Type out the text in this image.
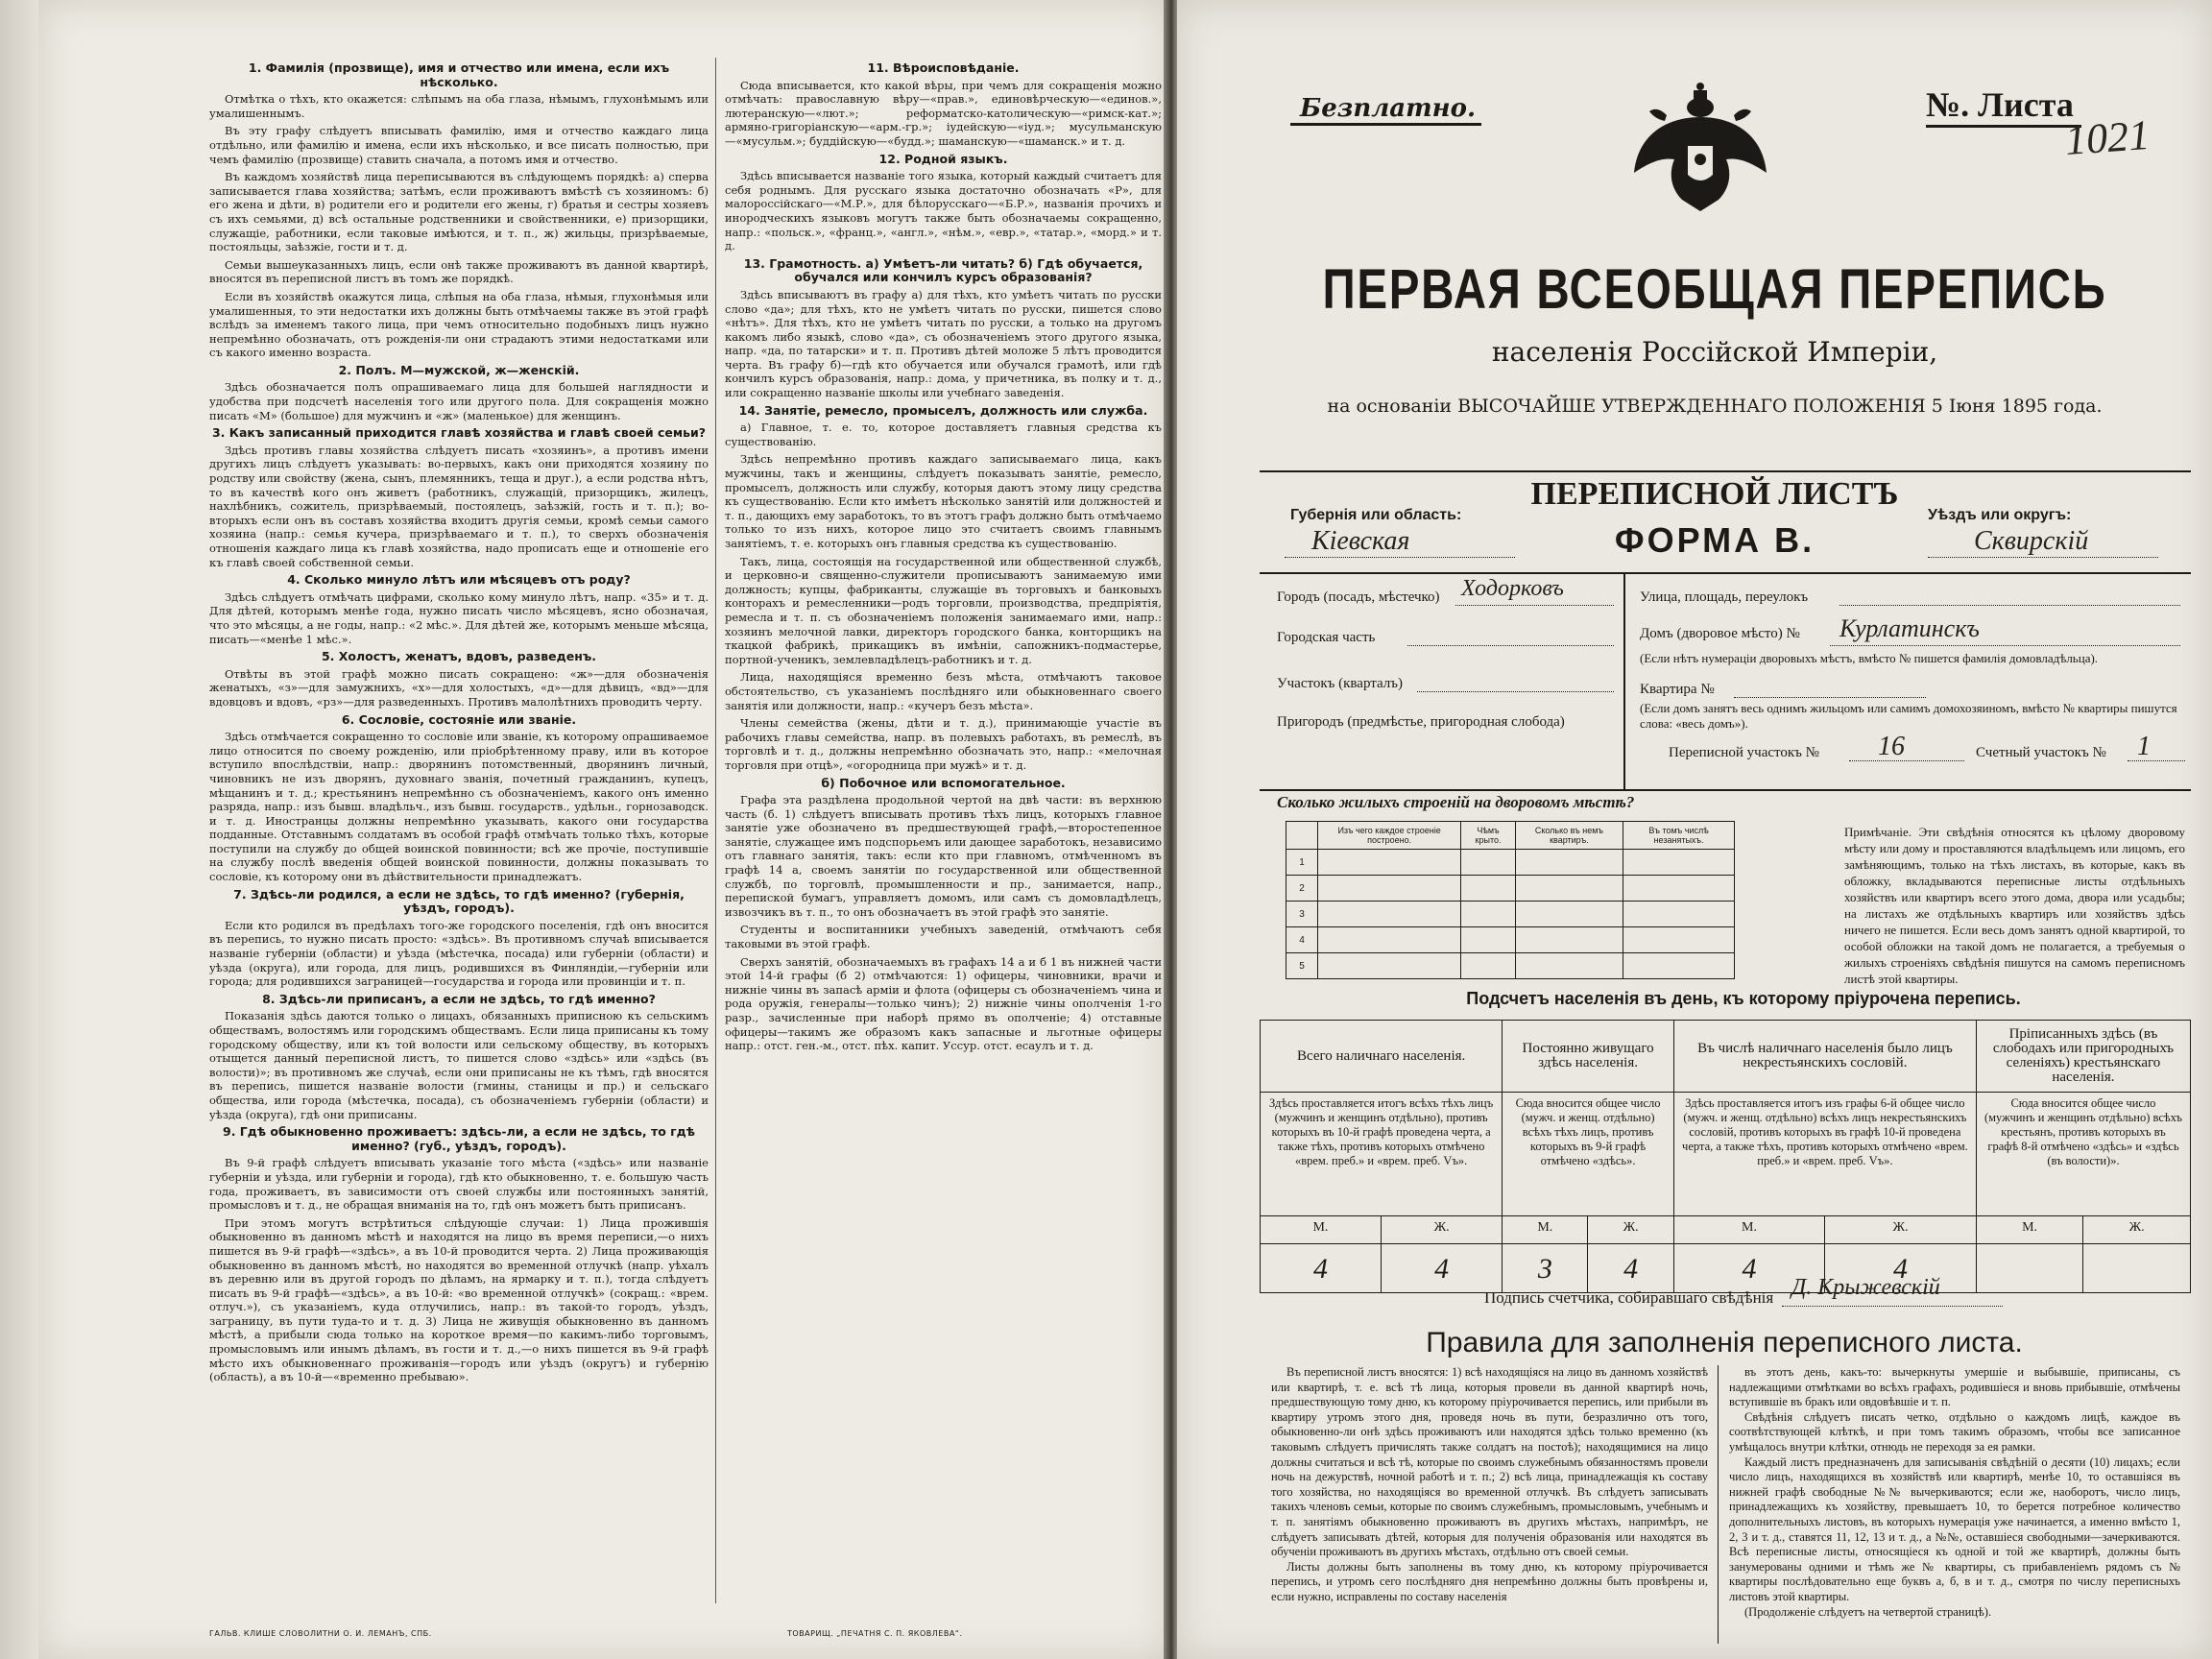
1. Фамилія (прозвище), имя и отчество или имена, если ихъ нѣсколько.

Отмѣтка о тѣхъ, кто окажется: слѣпымъ на оба глаза, нѣмымъ, глухонѣмымъ или умалишеннымъ.

Въ эту графу слѣдуетъ вписывать фамилію, имя и отчество каждаго лица отдѣльно, или фамилію и имена, если ихъ нѣсколько, и все писать полностью, при чемъ фамилію (прозвище) ставить сначала, а потомъ имя и отчество.

Въ каждомъ хозяйствѣ лица переписываются въ слѣдующемъ порядкѣ: а) сперва записывается глава хозяйства; затѣмъ, если проживаютъ вмѣстѣ съ хозяиномъ: б) его жена и дѣти, в) родители его и родители его жены, г) братья и сестры хозяевъ съ ихъ семьями, д) всѣ остальные родственники и свойственники, е) призорщики, служащіе, работники, если таковые имѣются, и т. п., ж) жильцы, призрѣваемые, постояльцы, заѣзжіе, гости и т. д.

Семьи вышеуказанныхъ лицъ, если онѣ также проживаютъ въ данной квартирѣ, вносятся въ переписной листъ въ томъ же порядкѣ.

Если въ хозяйствѣ окажутся лица, слѣпыя на оба глаза, нѣмыя, глухонѣмыя или умалишенныя, то эти недостатки ихъ должны быть отмѣчаемы также въ этой графѣ вслѣдъ за именемъ такого лица, при чемъ относительно подобныхъ лицъ нужно непремѣнно обозначать, отъ рожденія-ли они страдаютъ этими недостатками или съ какого именно возраста.

2. Полъ. М—мужской, ж—женскій.

Здѣсь обозначается полъ опрашиваемаго лица для большей наглядности и удобства при подсчетѣ населенія того или другого пола. Для сокращенія можно писать «М» (большое) для мужчинъ и «ж» (маленькое) для женщинъ.

3. Какъ записанный приходится главѣ хозяйства и главѣ своей семьи?

Здѣсь противъ главы хозяйства слѣдуетъ писать «хозяинъ», а противъ имени другихъ лицъ слѣдуетъ указывать: во-первыхъ, какъ они приходятся хозяину по родству или свойству (жена, сынъ, племянникъ, теща и друг.), а если родства нѣтъ, то въ качествѣ кого онъ живетъ (работникъ, служащій, призорщикъ, жилецъ, нахлѣбникъ, сожитель, призрѣваемый, постоялецъ, заѣзжій, гость и т. п.); во-вторыхъ если онъ въ составъ хозяйства входитъ другія семьи, кромѣ семьи самого хозяина (напр.: семья кучера, призрѣваемаго и т. п.), то сверхъ обозначенія отношенія каждаго лица къ главѣ хозяйства, надо прописать еще и отношеніе его къ главѣ своей собственной семьи.

4. Сколько минуло лѣтъ или мѣсяцевъ отъ роду?

Здѣсь слѣдуетъ отмѣчать цифрами, сколько кому минуло лѣтъ, напр. «35» и т. д. Для дѣтей, которымъ менѣе года, нужно писать число мѣсяцевъ, ясно обозначая, что это мѣсяцы, а не годы, напр.: «2 мѣс.». Для дѣтей же, которымъ меньше мѣсяца, писать—«менѣе 1 мѣс.».

5. Холостъ, женатъ, вдовъ, разведенъ.

Отвѣты въ этой графѣ можно писать сокращено: «ж»—для обозначенія женатыхъ, «з»—для замужнихъ, «х»—для холостыхъ, «д»—для дѣвицъ, «вд»—для вдовцовъ и вдовъ, «рз»—для разведенныхъ. Противъ малолѣтнихъ проводить черту.

6. Сословіе, состояніе или званіе.

Здѣсь отмѣчается сокращенно то сословіе или званіе, къ которому опрашиваемое лицо относится по своему рожденію, или пріобрѣтенному праву, или въ которое вступило впослѣдствіи, напр.: дворянинъ потомственный, дворянинъ личный, чиновникъ не изъ дворянъ, духовнаго званія, почетный гражданинъ, купецъ, мѣщанинъ и т. д.; крестьянинъ непремѣнно съ обозначеніемъ, какого онъ именно разряда, напр.: изъ бывш. владѣльч., изъ бывш. государств., удѣльн., горнозаводск. и т. д. Иностранцы должны непремѣнно указывать, какого они государства подданные. Отставнымъ солдатамъ въ особой графѣ отмѣчать только тѣхъ, которые поступили на службу до общей воинской повинности; всѣ же прочіе, поступившіе на службу послѣ введенія общей воинской повинности, должны показывать то сословіе, къ которому они въ дѣйствительности принадлежатъ.

7. Здѣсь-ли родился, а если не здѣсь, то гдѣ именно? (губернія, уѣздъ, городъ).

Если кто родился въ предѣлахъ того-же городского поселенія, гдѣ онъ вносится въ перепись, то нужно писать просто: «здѣсь». Въ противномъ случаѣ вписывается названіе губерніи (области) и уѣзда (мѣстечка, посада) или губерніи (области) и уѣзда (округа), или города, для лицъ, родившихся въ Финляндіи,—губерніи или города; для родившихся заграницей—государства и города или провинціи и т. п.

8. Здѣсь-ли приписанъ, а если не здѣсь, то гдѣ именно?

Показанія здѣсь даются только о лицахъ, обязанныхъ приписною къ сельскимъ обществамъ, волостямъ или городскимъ обществамъ. Если лица приписаны къ тому городскому обществу, или къ той волости или сельскому обществу, въ которыхъ отыщется данный переписной листъ, то пишется слово «здѣсь» или «здѣсь (въ волости)»; въ противномъ же случаѣ, если они приписаны не къ тѣмъ, гдѣ вносятся въ перепись, пишется названіе волости (гмины, станицы и пр.) и сельскаго общества, или города (мѣстечка, посада), съ обозначеніемъ губерніи (области) и уѣзда (округа), гдѣ они приписаны.

9. Гдѣ обыкновенно проживаетъ: здѣсь-ли, а если не здѣсь, то гдѣ именно? (губ., уѣздъ, городъ).

Въ 9-й графѣ слѣдуетъ вписывать указаніе того мѣста («здѣсь» или названіе губерніи и уѣзда, или губерніи и города), гдѣ кто обыкновенно, т. е. большую часть года, проживаетъ, въ зависимости отъ своей службы или постоянныхъ занятій, промысловъ и т. д., не обращая вниманія на то, гдѣ онъ можетъ быть приписанъ.

При этомъ могутъ встрѣтиться слѣдующіе случаи: 1) Лица прожившія обыкновенно въ данномъ мѣстѣ и находятся на лицо въ время переписи,—о нихъ пишется въ 9-й графѣ—«здѣсь», а въ 10-й проводится черта. 2) Лица проживающія обыкновенно въ данномъ мѣстѣ, но находятся во временной отлучкѣ (напр. уѣхалъ въ деревню или въ другой городъ по дѣламъ, на ярмарку и т. п.), тогда слѣдуетъ писать въ 9-й графѣ—«здѣсь», а въ 10-й: «во временной отлучкѣ» (сокращ.: «врем. отлуч.»), съ указаніемъ, куда отлучились, напр.: въ такой-то городъ, уѣздъ, заграницу, въ пути туда-то и т. д. 3) Лица не живущія обыкновенно въ данномъ мѣстѣ, а прибыли сюда только на короткое время—по какимъ-либо торговымъ, промысловымъ или инымъ дѣламъ, въ гости и т. д.,—о нихъ пишется въ 9-й графѣ мѣсто ихъ обыкновеннаго проживанія—городъ или уѣздъ (округъ) и губернію (область), а въ 10-й—«временно пребываю».

11. Вѣроисповѣданіе.

Сюда вписывается, кто какой вѣры, при чемъ для сокращенія можно отмѣчать: православную вѣру—«прав.», единовѣрческую—«единов.», лютеранскую—«лют.»; реформатско-католическую—«римск-кат.»; армяно-григоріанскую—«арм.-гр.»; іудейскую—«іуд.»; мусульманскую—«мусульм.»; буддійскую—«будд.»; шаманскую—«шаманск.» и т. д.

12. Родной языкъ.

Здѣсь вписывается названіе того языка, который каждый считаетъ для себя роднымъ. Для русскаго языка достаточно обозначать «Р», для малороссійскаго—«М.Р.», для бѣлорусскаго—«Б.Р.», названія прочихъ и инородческихъ языковъ могутъ также быть обозначаемы сокращенно, напр.: «польск.», «франц.», «англ.», «нѣм.», «евр.», «татар.», «морд.» и т. д.

13. Грамотность. а) Умѣетъ-ли читать? б) Гдѣ обучается, обучался или кончилъ курсъ образованія?

Здѣсь вписываютъ въ графу а) для тѣхъ, кто умѣетъ читать по русски слово «да»; для тѣхъ, кто не умѣетъ читать по русски, пишется слово «нѣтъ». Для тѣхъ, кто не умѣетъ читать по русски, а только на другомъ какомъ либо языкѣ, слово «да», съ обозначеніемъ этого другого языка, напр. «да, по татарски» и т. п. Противъ дѣтей моложе 5 лѣтъ проводится черта. Въ графу б)—гдѣ кто обучается или обучался грамотѣ, или гдѣ кончилъ курсъ образованія, напр.: дома, у причетника, въ полку и т. д., или сокращенно названіе школы или учебнаго заведенія.

14. Занятіе, ремесло, промыселъ, должность или служба.

а) Главное, т. е. то, которое доставляетъ главныя средства къ существованію.

Здѣсь непремѣнно противъ каждаго записываемаго лица, какъ мужчины, такъ и женщины, слѣдуетъ показывать занятіе, ремесло, промыселъ, должность или службу, которыя даютъ этому лицу средства къ существованію. Если кто имѣетъ нѣсколько занятій или должностей и т. п., дающихъ ему заработокъ, то въ этотъ графъ должно быть отмѣчаемо только то изъ нихъ, которое лицо это считаетъ своимъ главнымъ занятіемъ, т. е. которыхъ онъ главныя средства къ существованію.

Такъ, лица, состоящія на государственной или общественной службѣ, и церковно-и священно-служители прописываютъ занимаемую ими должность; купцы, фабриканты, служащіе въ торговыхъ и банковыхъ конторахъ и ремесленники—родъ торговли, производства, предпріятія, ремесла и т. п. съ обозначеніемъ положенія занимаемаго ими, напр.: хозяинъ мелочной лавки, директоръ городского банка, конторщикъ на ткацкой фабрикѣ, прикащикъ въ имѣніи, сапожникъ-подмастерье, портной-ученикъ, землевладѣлецъ-работникъ и т. д.

Лица, находящіяся временно безъ мѣста, отмѣчаютъ таковое обстоятельство, съ указаніемъ послѣдняго или обыкновеннаго своего занятія или должности, напр.: «кучеръ безъ мѣста».

Члены семейства (жены, дѣти и т. д.), принимающіе участіе въ рабочихъ главы семейства, напр. въ полевыхъ работахъ, въ ремеслѣ, въ торговлѣ и т. д., должны непремѣнно обозначать это, напр.: «мелочная торговля при отцѣ», «огородница при мужѣ» и т. д.

б) Побочное или вспомогательное.

Графа эта раздѣлена продольной чертой на двѣ части: въ верхнюю часть (б. 1) слѣдуетъ вписывать противъ тѣхъ лицъ, которыхъ главное занятіе уже обозначено въ предшествующей графѣ,—второстепенное занятіе, служащее имъ подспорьемъ или дающее заработокъ, независимо отъ главнаго занятія, такъ: если кто при главномъ, отмѣченномъ въ графѣ 14 а, своемъ занятіи по государственной или общественной службѣ, по торговлѣ, промышленности и пр., занимается, напр., перепиской бумагъ, управляетъ домомъ, или самъ съ домовладѣлецъ, извозчикъ въ т. п., то онъ обозначаетъ въ этой графѣ это занятіе.

Студенты и воспитанники учебныхъ заведеній, отмѣчаютъ себя таковыми въ этой графѣ.

Сверхъ занятій, обозначаемыхъ въ графахъ 14 а и б 1 въ нижней части этой 14-й графы (б 2) отмѣчаются: 1) офицеры, чиновники, врачи и нижніе чины въ запасѣ арміи и флота (офицеры съ обозначеніемъ чина и рода оружія, генералы—только чинъ); 2) нижніе чины ополченія 1-го разр., зачисленные при наборѣ прямо въ ополченіе; 4) отставные офицеры—такимъ же образомъ какъ запасные и льготные офицеры напр.: отст. ген.-м., отст. пѣх. капит. Уссур. отст. есаулъ и т. д.

ГАЛЬВ. КЛИШЕ СЛОВОЛИТНИ О. И. ЛЕМАНЪ, СПБ.	ТОВАРИЩ. „ПЕЧАТНЯ С. П. ЯКОВЛЕВА“.
Безплатно.	№. Листа
1021
ПЕРВАЯ ВСЕОБЩАЯ ПЕРЕПИСЬ
населенія Россійской Имперіи,
на основаніи ВЫСОЧАЙШЕ УТВЕРЖДЕННАГО ПОЛОЖЕНІЯ 5 Іюня 1895 года.
ПЕРЕПИСНОЙ ЛИСТЪ
ФОРМА В.
Губернія или область:
Кіевская
Уѣздъ или округъ:
Сквирскій
Городъ (посадъ, мѣстечко) Ходорковъ
Городская часть
Участокъ (кварталъ)
Пригородъ (предмѣстье, пригородная слобода)
Улица, площадь, переулокъ
Домъ (дворовое мѣсто) № Курлатинскъ
(Если нѣтъ нумераціи дворовыхъ мѣстъ, вмѣсто № пишется фамилія домовладѣльца).
Квартира №
(Если домъ занятъ весь однимъ жильцомъ или самимъ домохозяиномъ, вмѣсто № квартиры пишутся слова: «весь домъ»).
Переписной участокъ № 16	Счетный участокъ № 1
Сколько жилыхъ строеній на дворовомъ мѣстѣ?
	Изъ чего каждое строеніе построено.	Чѣмъ крыто.	Сколько въ немъ квартиръ.	Въ томъ числѣ незанятыхъ.
1				
2				
3				
4				
5				
Примѣчаніе. Эти свѣдѣнія относятся къ цѣлому дворовому мѣсту или дому и проставляются владѣльцемъ или лицомъ, его замѣняющимъ, только на тѣхъ листахъ, въ которые, какъ въ обложку, вкладываются переписные листы отдѣльныхъ хозяйствъ или квартиръ всего этого дома, двора или усадьбы; на листахъ же отдѣльныхъ квартиръ или хозяйствъ здѣсь ничего не пишется. Если весь домъ занятъ одной квартирой, то особой обложки на такой домъ не полагается, а требуемыя о жилыхъ строеніяхъ свѣдѣнія пишутся на самомъ переписномъ листѣ этой квартиры.
Подсчетъ населенія въ день, къ которому пріурочена перепись.
Всего наличнаго населенія.		Постоянно живущаго здѣсь населенія.		Въ числѣ наличнаго населенія было лицъ некрестьянскихъ сословій.		Пріписанныхъ здѣсь (въ слободахъ или пригородныхъ селеніяхъ) крестьянскаго населенія.	
Здѣсь проставляется итогъ всѣхъ тѣхъ лицъ (мужчинъ и женщинъ отдѣльно), противъ которыхъ въ 10-й графѣ проведена черта, а также тѣхъ, противъ которыхъ отмѣчено «врем. преб.» и «врем. преб. Vъ».		Сюда вносится общее число (мужч. и женщ. отдѣльно) всѣхъ тѣхъ лицъ, противъ которыхъ въ 9-й графѣ отмѣчено «здѣсь».		Здѣсь проставляется итогъ изъ графы 6-й общее число (мужч. и женщ. отдѣльно) всѣхъ лицъ некрестьянскихъ сословій, противъ которыхъ въ графѣ 10-й проведена черта, а также тѣхъ, противъ которыхъ отмѣчено «врем. преб.» и «врем. преб. Vъ».		Сюда вносится общее число (мужчинъ и женщинъ отдѣльно) всѣхъ крестьянъ, противъ которыхъ въ графѣ 8-й отмѣчено «здѣсь» и «здѣсь (въ волости)».	
М.	Ж.	М.	Ж.	М.	Ж.	М.	Ж.
4	4	3	4	4	4		
Подпись счетчика, собиравшаго свѣдѣнія Д. Крыжевскій
Правила для заполненія переписного листа.

Въ переписной листъ вносятся: 1) всѣ находящіяся на лицо въ данномъ хозяйствѣ или квартирѣ, т. е. всѣ тѣ лица, которыя провели въ данной квартирѣ ночь, предшествующую тому дню, къ которому пріурочивается перепись, или прибыли въ квартиру утромъ этого дня, проведя ночь въ пути, безразлично отъ того, обыкновенно-ли онѣ здѣсь проживаютъ или находятся здѣсь только временно (къ таковымъ слѣдуетъ причислять также солдатъ на постоѣ); находящимися на лицо должны считаться и всѣ тѣ, которые по своимъ служебнымъ обязанностямъ провели ночь на дежурствѣ, ночной работѣ и т. п.; 2) всѣ лица, принадлежащія къ составу того хозяйства, но находящіяся во временной отлучкѣ. Въ слѣдуетъ записывать такихъ членовъ семьи, которые по своимъ служебнымъ, промысловымъ, учебнымъ и т. п. занятіямъ обыкновенно проживаютъ въ другихъ мѣстахъ, напримѣръ, не слѣдуетъ записывать дѣтей, которыя для полученія образованія или находятся въ обученіи проживаютъ въ другихъ мѣстахъ, отдѣльно отъ своей семьи.

Листы должны быть заполнены въ тому дню, къ которому пріурочивается перепись, и утромъ сего послѣдняго дня непремѣнно должны быть провѣрены и, если нужно, исправлены по составу населенія

въ этотъ день, какъ-то: вычеркнуты умершіе и выбывшіе, приписаны, съ надлежащими отмѣтками во всѣхъ графахъ, родившіеся и вновь прибывшіе, отмѣчены вступившіе въ бракъ или овдовѣвшіе и т. п.

Свѣдѣнія слѣдуетъ писать четко, отдѣльно о каждомъ лицѣ, каждое въ соотвѣтствующей клѣткѣ, и при томъ такимъ образомъ, чтобы все записанное умѣщалось внутри клѣтки, отнюдь не переходя за ея рамки.

Каждый листъ предназначенъ для записыванія свѣдѣній о десяти (10) лицахъ; если число лицъ, находящихся въ хозяйствѣ или квартирѣ, менѣе 10, то оставшіяся въ нижней графѣ свободные №№ вычеркиваются; если же, наоборотъ, число лицъ, принадлежащихъ къ хозяйству, превышаетъ 10, то берется потребное количество дополнительныхъ листовъ, въ которыхъ нумерація уже начинается, а именно вмѣсто 1, 2, 3 и т. д., ставятся 11, 12, 13 и т. д., а №№, оставшіеся свободными—зачеркиваются. Всѣ переписные листы, относящіеся къ одной и той же квартирѣ, должны быть занумерованы одними и тѣмъ же № квартиры, съ прибавленіемъ рядомъ съ № квартиры послѣдовательно еще буквъ а, б, в и т. д., смотря по числу переписныхъ листовъ этой квартиры.

(Продолженіе слѣдуетъ на четвертой страницѣ).
